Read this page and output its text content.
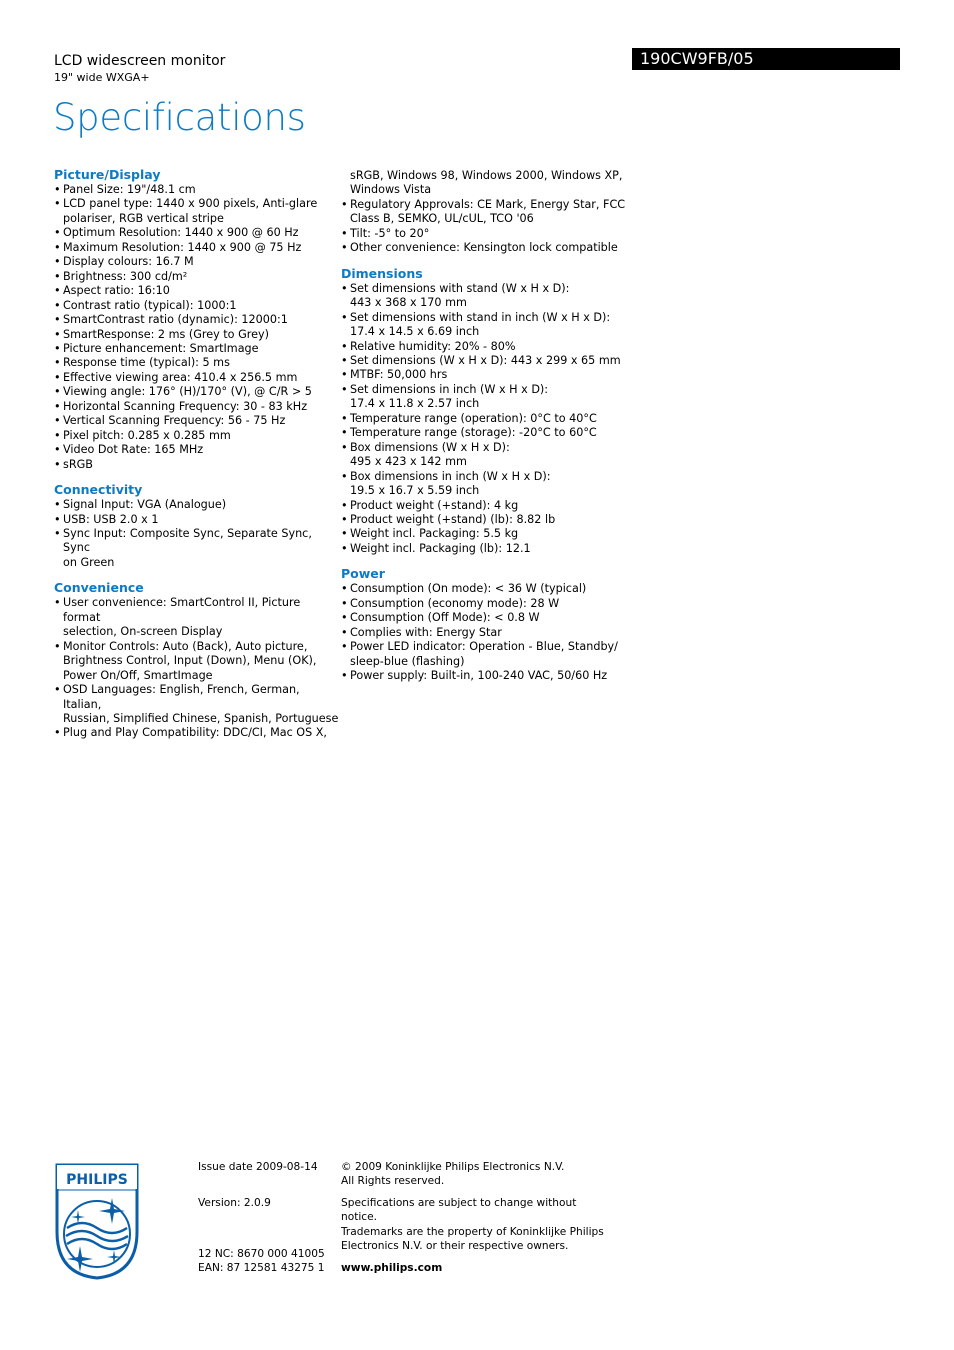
LCD widescreen monitor
19" wide WXGA+
Specifications
190CW9FB/05
Picture/Display
• Panel Size: 19"/48.1 cm
• LCD panel type: 1440 x 900 pixels, Anti-glare
polariser, RGB vertical stripe
• Optimum Resolution: 1440 x 900 @ 60 Hz
• Maximum Resolution: 1440 x 900 @ 75 Hz
• Display colours: 16.7 M
• Brightness: 300 cd/m²
• Aspect ratio: 16:10
• Contrast ratio (typical): 1000:1
• SmartContrast ratio (dynamic): 12000:1
• SmartResponse: 2 ms (Grey to Grey)
• Picture enhancement: SmartImage
• Response time (typical): 5 ms
• Effective viewing area: 410.4 x 256.5 mm
• Viewing angle: 176° (H)/170° (V), @ C/R > 5
• Horizontal Scanning Frequency: 30 - 83 kHz
• Vertical Scanning Frequency: 56 - 75 Hz
• Pixel pitch: 0.285 x 0.285 mm
• Video Dot Rate: 165 MHz
• sRGB
Connectivity
• Signal Input: VGA (Analogue)
• USB: USB 2.0 x 1
• Sync Input: Composite Sync, Separate Sync, Sync
on Green
Convenience
• User convenience: SmartControl II, Picture format
selection, On-screen Display
• Monitor Controls: Auto (Back), Auto picture,
Brightness Control, Input (Down), Menu (OK),
Power On/Off, SmartImage
• OSD Languages: English, French, German, Italian,
Russian, Simplified Chinese, Spanish, Portuguese
• Plug and Play Compatibility: DDC/CI, Mac OS X,
sRGB, Windows 98, Windows 2000, Windows XP,
Windows Vista
• Regulatory Approvals: CE Mark, Energy Star, FCC
Class B, SEMKO, UL/cUL, TCO '06
• Tilt: -5° to 20°
• Other convenience: Kensington lock compatible
Dimensions
• Set dimensions with stand (W x H x D):
443 x 368 x 170 mm
• Set dimensions with stand in inch (W x H x D):
17.4 x 14.5 x 6.69 inch
• Relative humidity: 20% - 80%
• Set dimensions (W x H x D): 443 x 299 x 65 mm
• MTBF: 50,000 hrs
• Set dimensions in inch (W x H x D):
17.4 x 11.8 x 2.57 inch
• Temperature range (operation): 0°C to 40°C
• Temperature range (storage): -20°C to 60°C
• Box dimensions (W x H x D):
495 x 423 x 142 mm
• Box dimensions in inch (W x H x D):
19.5 x 16.7 x 5.59 inch
• Product weight (+stand): 4 kg
• Product weight (+stand) (lb): 8.82 lb
• Weight incl. Packaging: 5.5 kg
• Weight incl. Packaging (lb): 12.1
Power
• Consumption (On mode): < 36 W (typical)
• Consumption (economy mode): 28 W
• Consumption (Off Mode): < 0.8 W
• Complies with: Energy Star
• Power LED indicator: Operation - Blue, Standby/
sleep-blue (flashing)
• Power supply: Built-in, 100-240 VAC, 50/60 Hz
PHILIPS
Issue date 2009-08-14
Version: 2.0.9
12 NC: 8670 000 41005
EAN: 87 12581 43275 1
© 2009 Koninklijke Philips Electronics N.V.
All Rights reserved.
Specifications are subject to change without notice.
Trademarks are the property of Koninklijke Philips
Electronics N.V. or their respective owners.
www.philips.com
